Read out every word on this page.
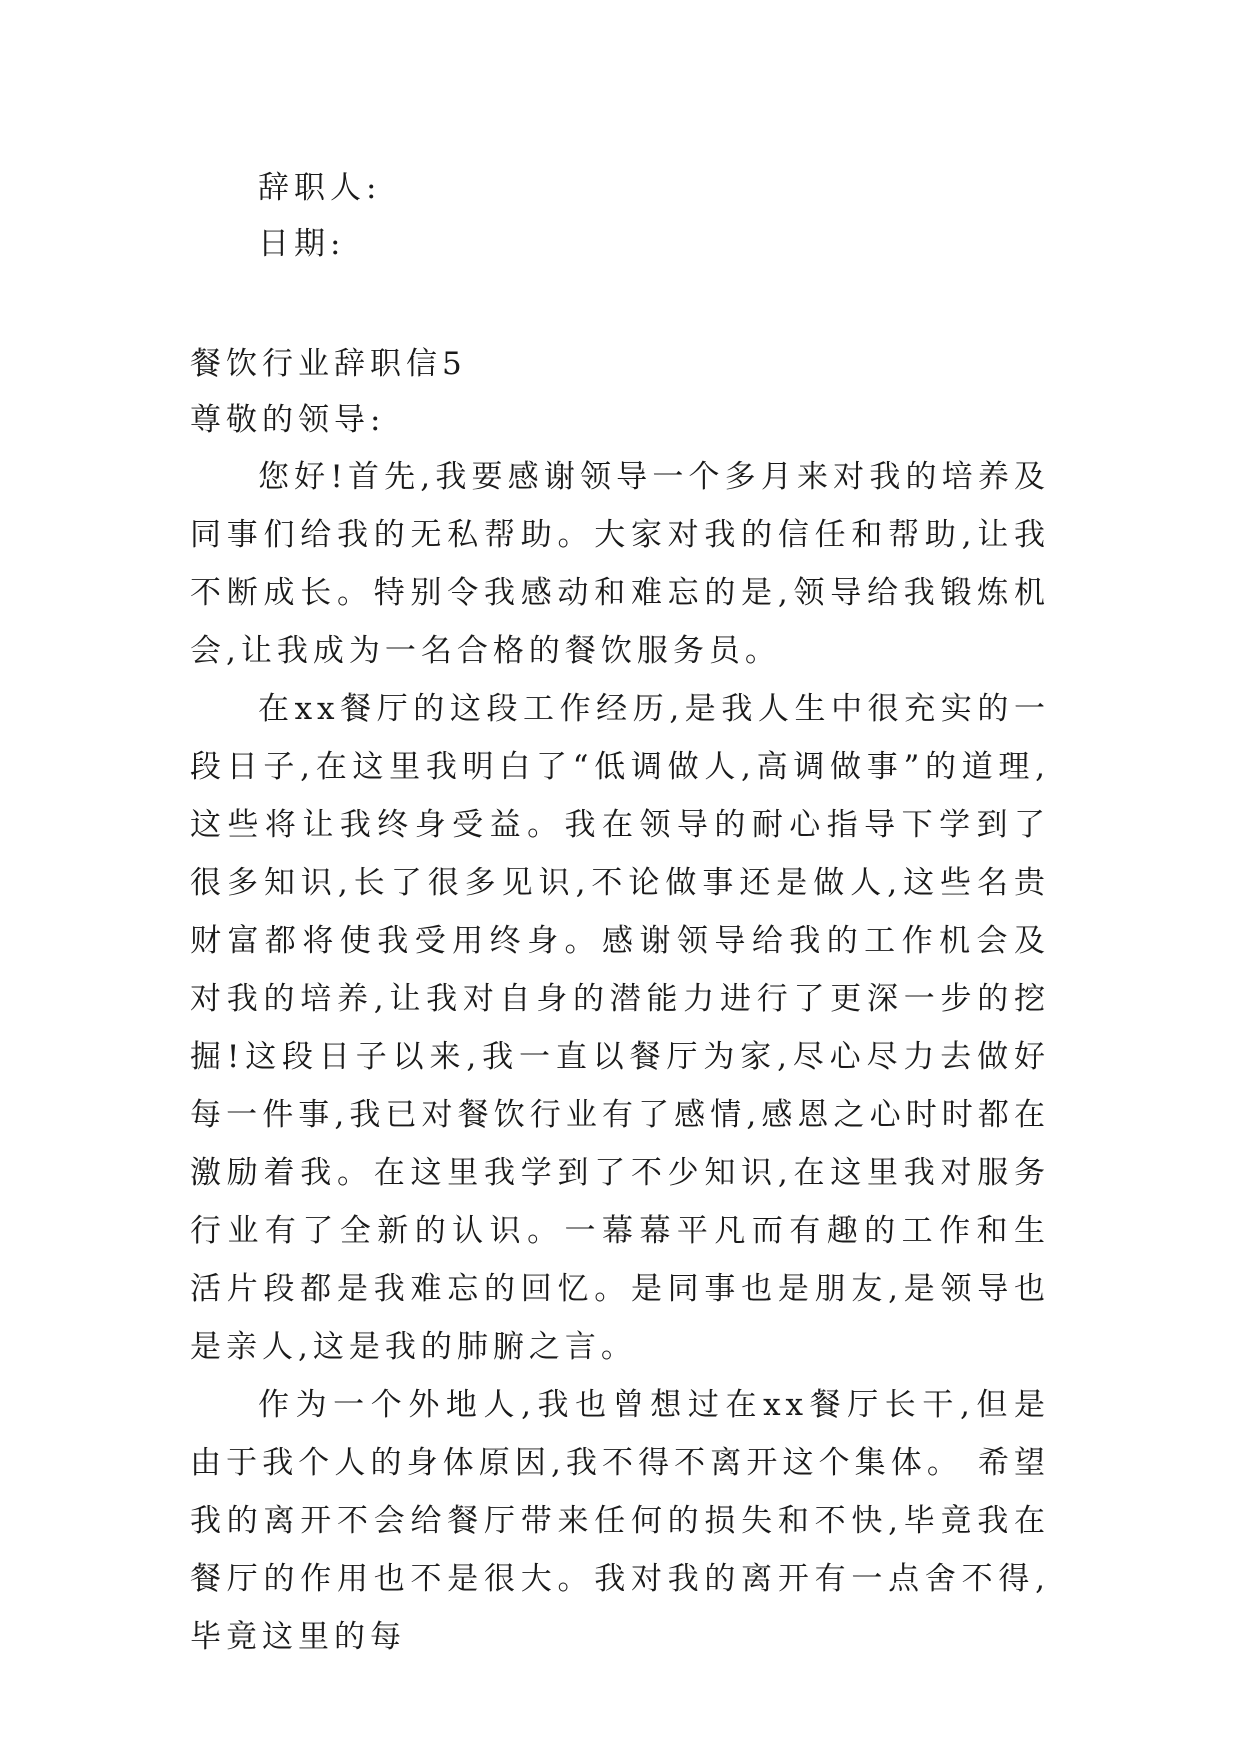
辞职人:
日期:
餐饮行业辞职信5
尊敬的领导:

您好!首先,我要感谢领导一个多月来对我的培养及同事们给我的无私帮助。大家对我的信任和帮助,让我不断成长。特别令我感动和难忘的是,领导给我锻炼机会,让我成为一名合格的餐饮服务员。

在xx餐厅的这段工作经历,是我人生中很充实的一段日子,在这里我明白了“低调做人,高调做事”的道理,这些将让我终身受益。我在领导的耐心指导下学到了很多知识,长了很多见识,不论做事还是做人,这些名贵财富都将使我受用终身。感谢领导给我的工作机会及对我的培养,让我对自身的潜能力进行了更深一步的挖掘!这段日子以来,我一直以餐厅为家,尽心尽力去做好每一件事,我已对餐饮行业有了感情,感恩之心时时都在激励着我。在这里我学到了不少知识,在这里我对服务行业有了全新的认识。一幕幕平凡而有趣的工作和生活片段都是我难忘的回忆。是同事也是朋友,是领导也是亲人,这是我的肺腑之言。

作为一个外地人,我也曾想过在xx餐厅长干,但是由于我个人的身体原因,我不得不离开这个集体。 希望我的离开不会给餐厅带来任何的损失和不快,毕竟我在餐厅的作用也不是很大。我对我的离开有一点舍不得,毕竟这里的每
